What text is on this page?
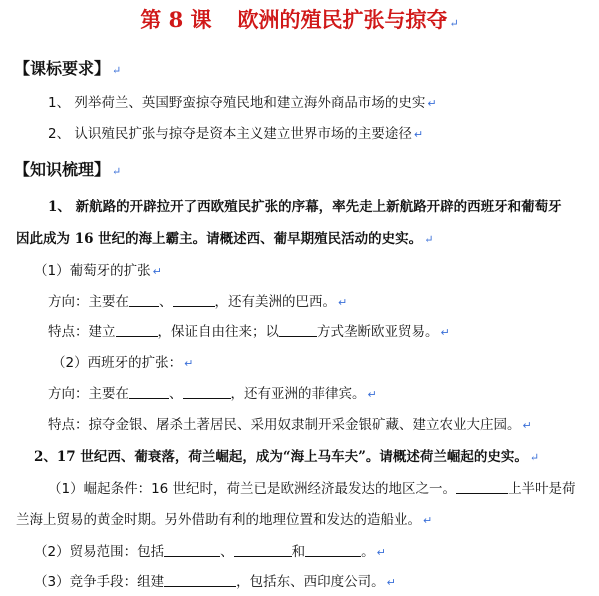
第 8 课 欧洲的殖民扩张与掠夺 ↵
【课标要求】 ↵
1、 列举荷兰、英国野蛮掠夺殖民地和建立海外商品市场的史实 ↵
2、 认识殖民扩张与掠夺是资本主义建立世界市场的主要途径 ↵
【知识梳理】 ↵
1、 新航路的开辟拉开了西欧殖民扩张的序幕，率先走上新航路开辟的西班牙和葡萄牙
因此成为 16 世纪的海上霸主。请概述西、葡早期殖民活动的史实。 ↵
（1）葡萄牙的扩张 ↵
方向：主要在 、	，还有美洲的巴西。 ↵
特点：建立	，保证自由往来；以	方式垄断欧亚贸易。 ↵
（2）西班牙的扩张： ↵
方向：主要在	、	，还有亚洲的菲律宾。 ↵
特点：掠夺金银、屠杀土著居民、采用奴隶制开采金银矿藏、建立农业大庄园。 ↵
2、17 世纪西、葡衰落，荷兰崛起，成为“海上马车夫”。请概述荷兰崛起的史实。 ↵
（1）崛起条件：16 世纪时，荷兰已是欧洲经济最发达的地区之一。	上半叶是荷
兰海上贸易的黄金时期。另外借助有利的地理位置和发达的造船业。 ↵
（2）贸易范围：包括	、	和	。 ↵
（3）竞争手段：组建	，包括东、西印度公司。 ↵
